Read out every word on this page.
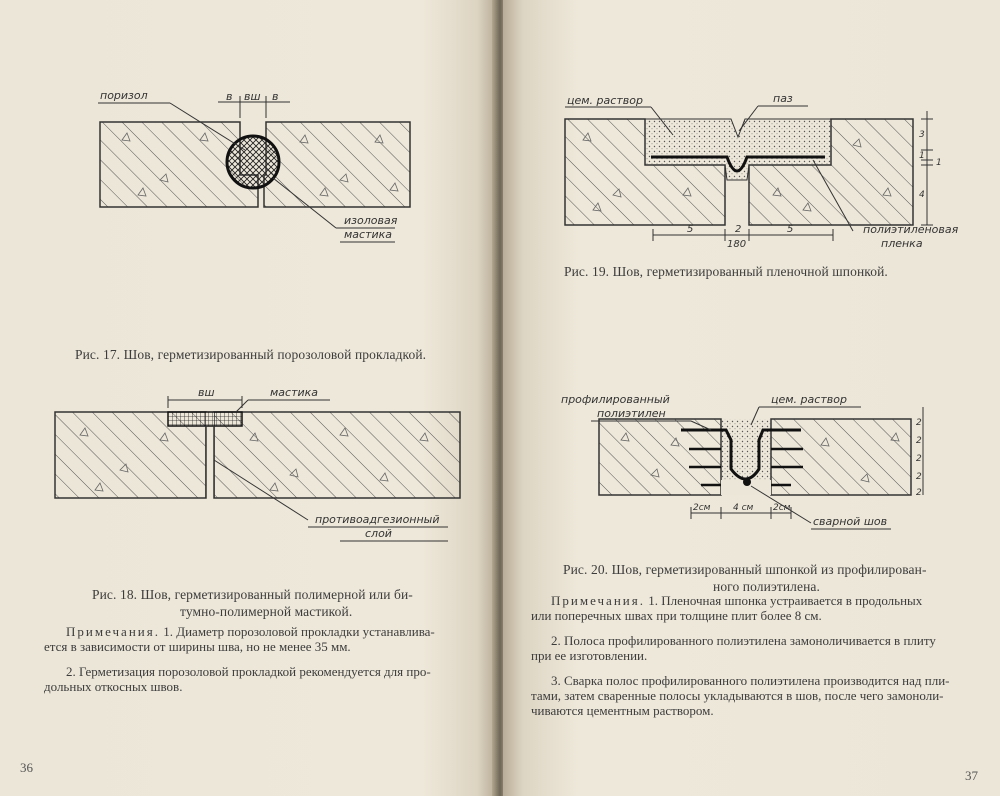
в вш в
поризол
изоловая
мастика
Рис. 17. Шов, герметизированный порозоловой прокладкой.
вш	мастика
противоадгезионный
слой
Рис. 18. Шов, герметизированный полимерной или би-
тумно-полимерной мастикой.
Примечания. 1. Диаметр порозоловой прокладки устанавлива-
ется в зависимости от ширины шва, но не менее 35 мм.
2. Герметизация порозоловой прокладкой рекомендуется для про-
дольных откосных швов.
36
цем. раствор	паз
5	2	5
180
3
1
1
4
полиэтиленовая
пленка
Рис. 19. Шов, герметизированный пленочной шпонкой.
профилированный
полиэтилен
цем. раствор
2см	4 см 2см
сварной шов
2
2
2
2
2
Рис. 20. Шов, герметизированный шпонкой из профилирован-
ного полиэтилена.
Примечания. 1. Пленочная шпонка устраивается в продольных
или поперечных швах при толщине плит более 8 см.
2. Полоса профилированного полиэтилена замоноличивается в плиту
при ее изготовлении.
3. Сварка полос профилированного полиэтилена производится над пли-
тами, затем сваренные полосы укладываются в шов, после чего замоноли-
чиваются цементным раствором.
37
